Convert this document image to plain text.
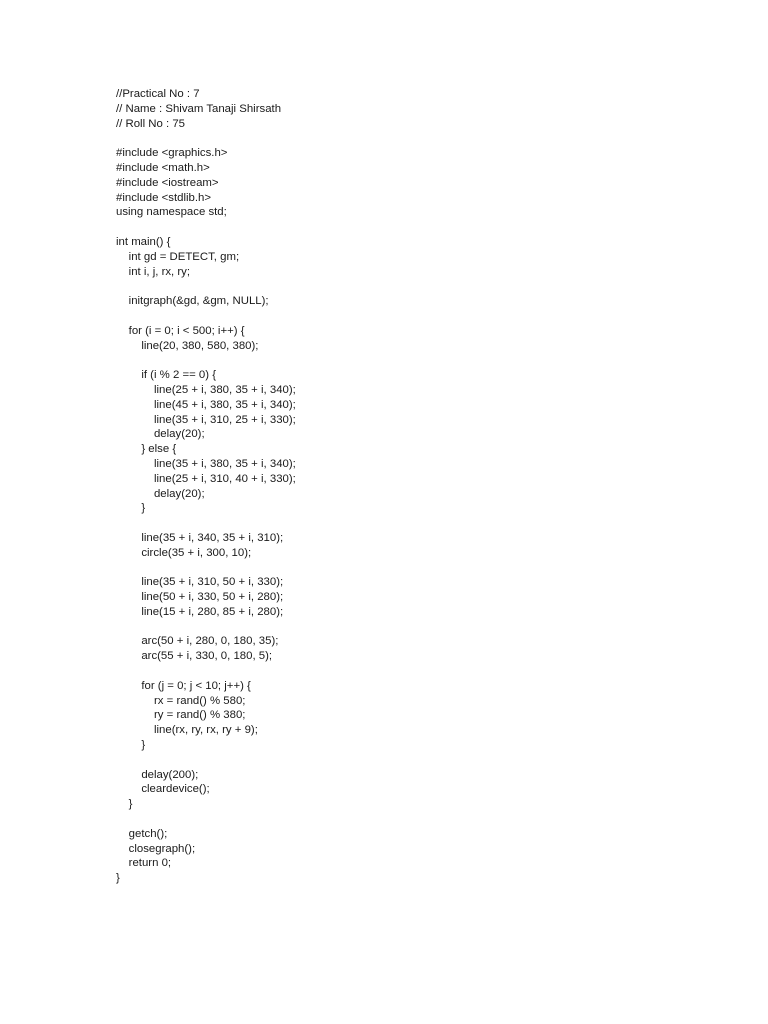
//Practical No : 7
// Name : Shivam Tanaji Shirsath
// Roll No : 75
#include <graphics.h>
#include <math.h>
#include <iostream>
#include <stdlib.h>
using namespace std;
int main() {
int gd = DETECT, gm;
int i, j, rx, ry;
initgraph(&gd, &gm, NULL);
for (i = 0; i < 500; i++) {
line(20, 380, 580, 380);
if (i % 2 == 0) {
line(25 + i, 380, 35 + i, 340);
line(45 + i, 380, 35 + i, 340);
line(35 + i, 310, 25 + i, 330);
delay(20);
} else {
line(35 + i, 380, 35 + i, 340);
line(25 + i, 310, 40 + i, 330);
delay(20);
}
line(35 + i, 340, 35 + i, 310);
circle(35 + i, 300, 10);
line(35 + i, 310, 50 + i, 330);
line(50 + i, 330, 50 + i, 280);
line(15 + i, 280, 85 + i, 280);
arc(50 + i, 280, 0, 180, 35);
arc(55 + i, 330, 0, 180, 5);
for (j = 0; j < 10; j++) {
rx = rand() % 580;
ry = rand() % 380;
line(rx, ry, rx, ry + 9);
}
delay(200);
cleardevice();
}
getch();
closegraph();
return 0;
}
